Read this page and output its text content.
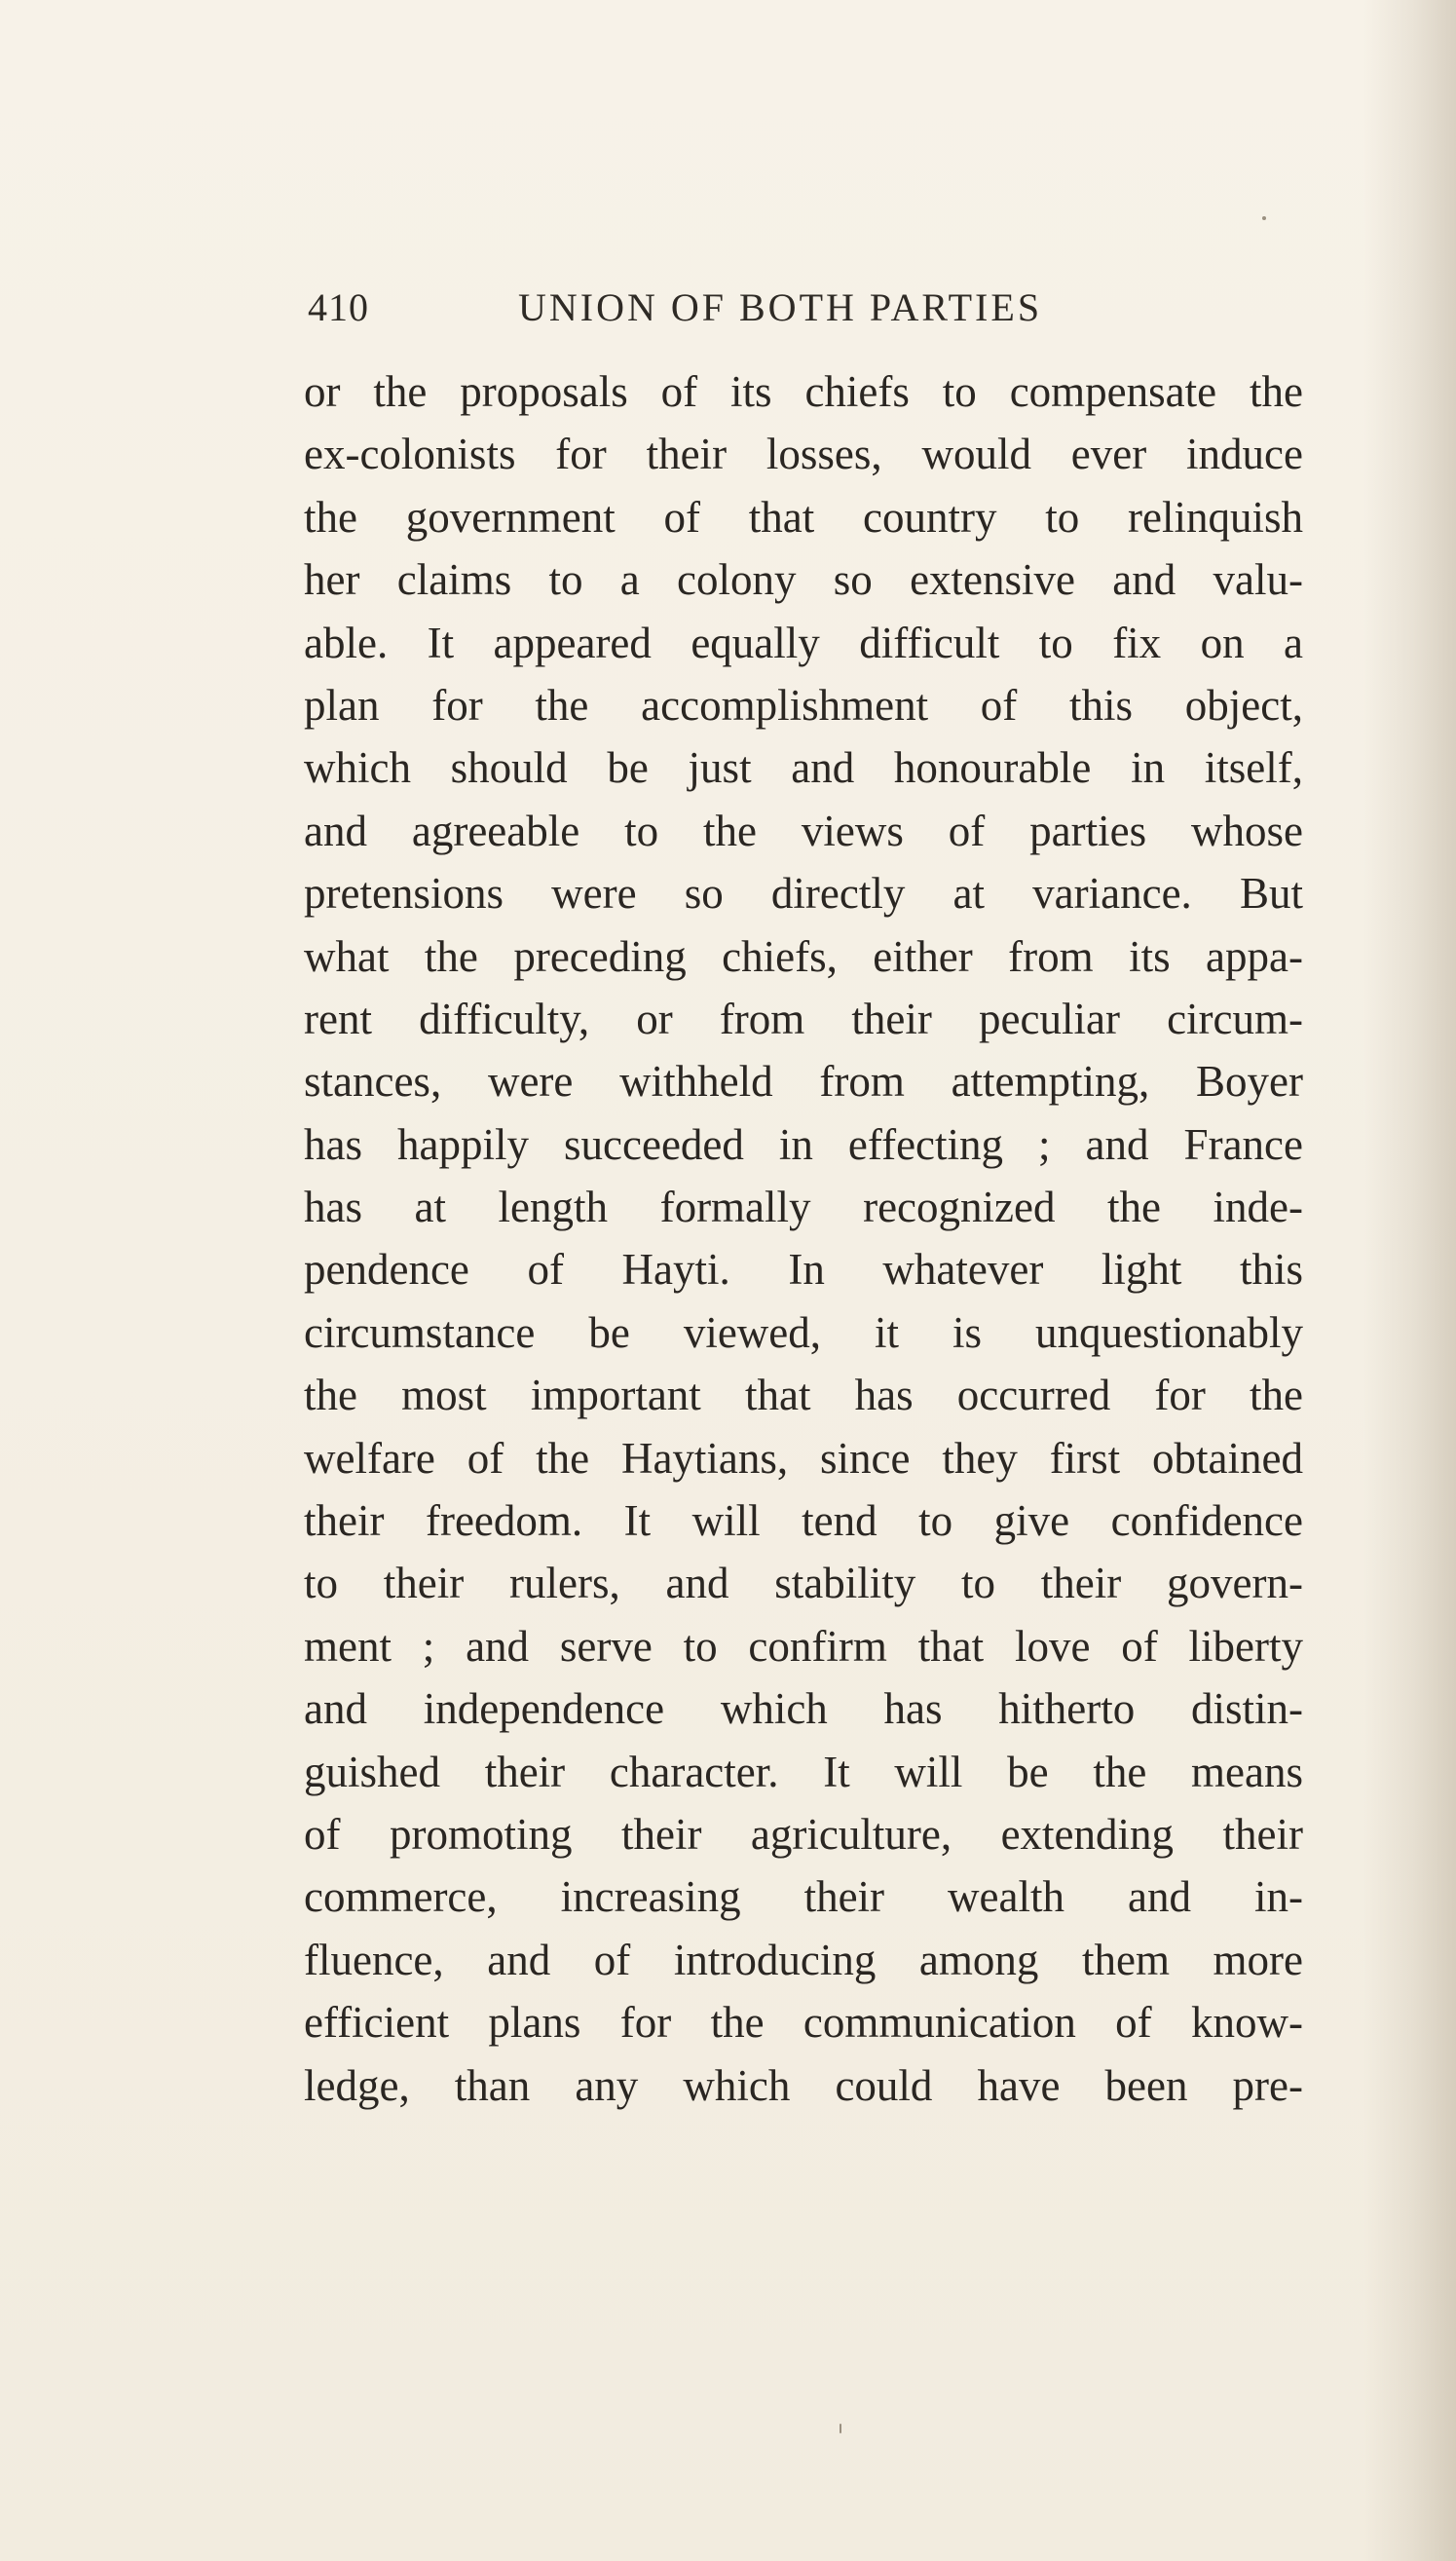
410	UNION OF BOTH PARTIES
or the proposals of its chiefs to compensate the
ex-colonists for their losses, would ever induce
the government of that country to relinquish
her claims to a colony so extensive and valu-
able. It appeared equally difficult to fix on a
plan for the accomplishment of this object,
which should be just and honourable in itself,
and agreeable to the views of parties whose
pretensions were so directly at variance. But
what the preceding chiefs, either from its appa-
rent difficulty, or from their peculiar circum-
stances, were withheld from attempting, Boyer
has happily succeeded in effecting ; and France
has at length formally recognized the inde-
pendence of Hayti. In whatever light this
circumstance be viewed, it is unquestionably
the most important that has occurred for the
welfare of the Haytians, since they first obtained
their freedom. It will tend to give confidence
to their rulers, and stability to their govern-
ment ; and serve to confirm that love of liberty
and independence which has hitherto distin-
guished their character. It will be the means
of promoting their agriculture, extending their
commerce, increasing their wealth and in-
fluence, and of introducing among them more
efficient plans for the communication of know-
ledge, than any which could have been pre-
